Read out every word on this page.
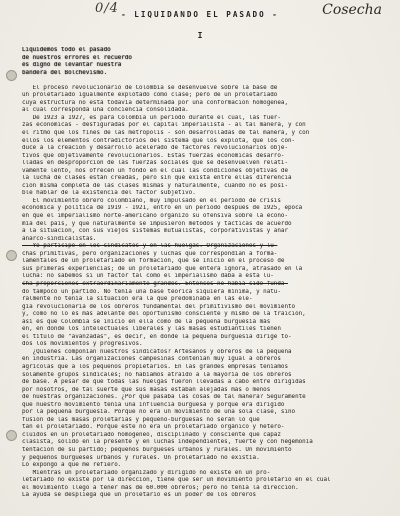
0/4	Cosecha
- LIQUIDANDO EL PASADO -
I
Liquidemos todo el pasado
de nuestros errores el recuerdo
es digno de levantar nuestra
bandera del Bolchevismo.
El proceso revolucionario de Colombia se desenvuelve sobre la base de
un proletariado igualmente explotado como clase; pero de un proletariado
cuya estructura no está todavía determinada por una conformación homogénea,
al cual corresponda una conciencia consolidada.
De 1923 a 1927, es para Colombia un período durante el cual, las fuer-
zas económicas - desfiguradas por el capital imperialista - al tal manera, y con
el ritmo que los fines de las metrópolis - son desarrolladas de tal manera, y con
ellos los elementos contradictorios del sistema que los explota, que los con-
duce a la creación y desarrollo acelerado de factores revolucionarios obje-
tivos que objetivamente revolucionarios. Estas fuerzas económicas desarro-
lladas en desproporción de las fuerzas sociales que se desenvuelven relati-
vamente lento, nos ofrecen un fondo en el cual las condiciones objetivas de
la lucha de clases están creadas, pero sin que exista entre ellas diferencia
ción misma completa de las clases mismas y naturalmente, cuando no es posi-
ble hablar de la existencia del factor subjetivo.
El movimiento obrero colombiano, muy impulsado en el período de crisis
económica y política de 1919 - 1921, entró en un período después de 1925, época
en que el imperialismo norte-americano organizó su ofensiva sobre la econo-
mía del país, y que naturalmente se impusieron métodos y tácticas de acuerdo
a la situación, con sus viejos sistemas mutualistas, corporativistas y anar
anarco-sindicalistas.
Yo participé en los sindicatos y en las huelgas. Organizaciones y lu-
chas primitivas, pero organizaciones y luchas que correspondían a forma-
lamentales de un proletariado en formación, que se inició en el proceso de
sus primeras experiencias; de un proletariado que entera ignora, atrasado en la
lucha: no sabemos si un factor tal como el imperialismo daba a esta lu-
cha proporciones extraordinariamente grandes. Entonces no había sido funda-
do tampoco un partido. No tenía una base teórica siquiera mínima, y natu-
ralmente no tenía la situación era la que predominaba en las ele-
gía revolucionaria de los obreros fundamental del primitivismo del movimiento
y, como no lo es más adelante del oportunismo consciente y mismo de la traición,
así es que Colombia se inició en ella como de la pequeña burguesía más
en, en donde los intelectuales liberales y las masas estudiantiles tienen
el título de "avanzadas", es decir, en donde la pequeña burguesía dirige to-
dos los movimientos y progresivos.
¿Quiénes componían nuestros sindicatos? Artesanos y obreros de la pequeña
en industria. Las organizaciones campesinas contenían muy igual a obreros
agrícolas que a los pequeños propietarios. En las grandes empresas teníamos
solamente grupos sindicales; no habíamos atraído a la mayoría de los obreros
de base. A pesar de que todas las huelgas fueron llevadas a cabo entre dirigidas
por nosotros, de tal suerte que sus masas estaban alejadas más o menos
de nuestras organizaciones. ¿Por qué pasaba las cosas de tal manera? Seguramente
que nuestro movimiento tenía una influencia burguesa y porque era dirigido
por la pequeña burguesía. Porque no era un movimiento de una sola clase, sino
fusión de las masas proletarias y pequeño-burguesas no serán lo que
tan el proletariado. Porque este no era un proletariado orgánico y hetero-
cluidos en un proletariado homogéneo, disciplinado y consciente que capaz
clasista, sólido en la presente y en luchas independientes, fuerte y con hegemonía
tentación de su partido; pequeños burgueses urbanos y rurales. Un movimiento
y pequeños burgueses urbanos y rurales. Un proletariado no existía.
Lo expongo a que me refiero.
Mientras un proletariado organizado y dirigido no existe en un pro-
letariado no existe por la dirección, tiene que ser un movimiento proletario en el cual
el movimiento llegó a tener más de 60.000 obreros; pero no tenía la dirección.
La ayuda se despliega que un proletario es un poder de los obreros
